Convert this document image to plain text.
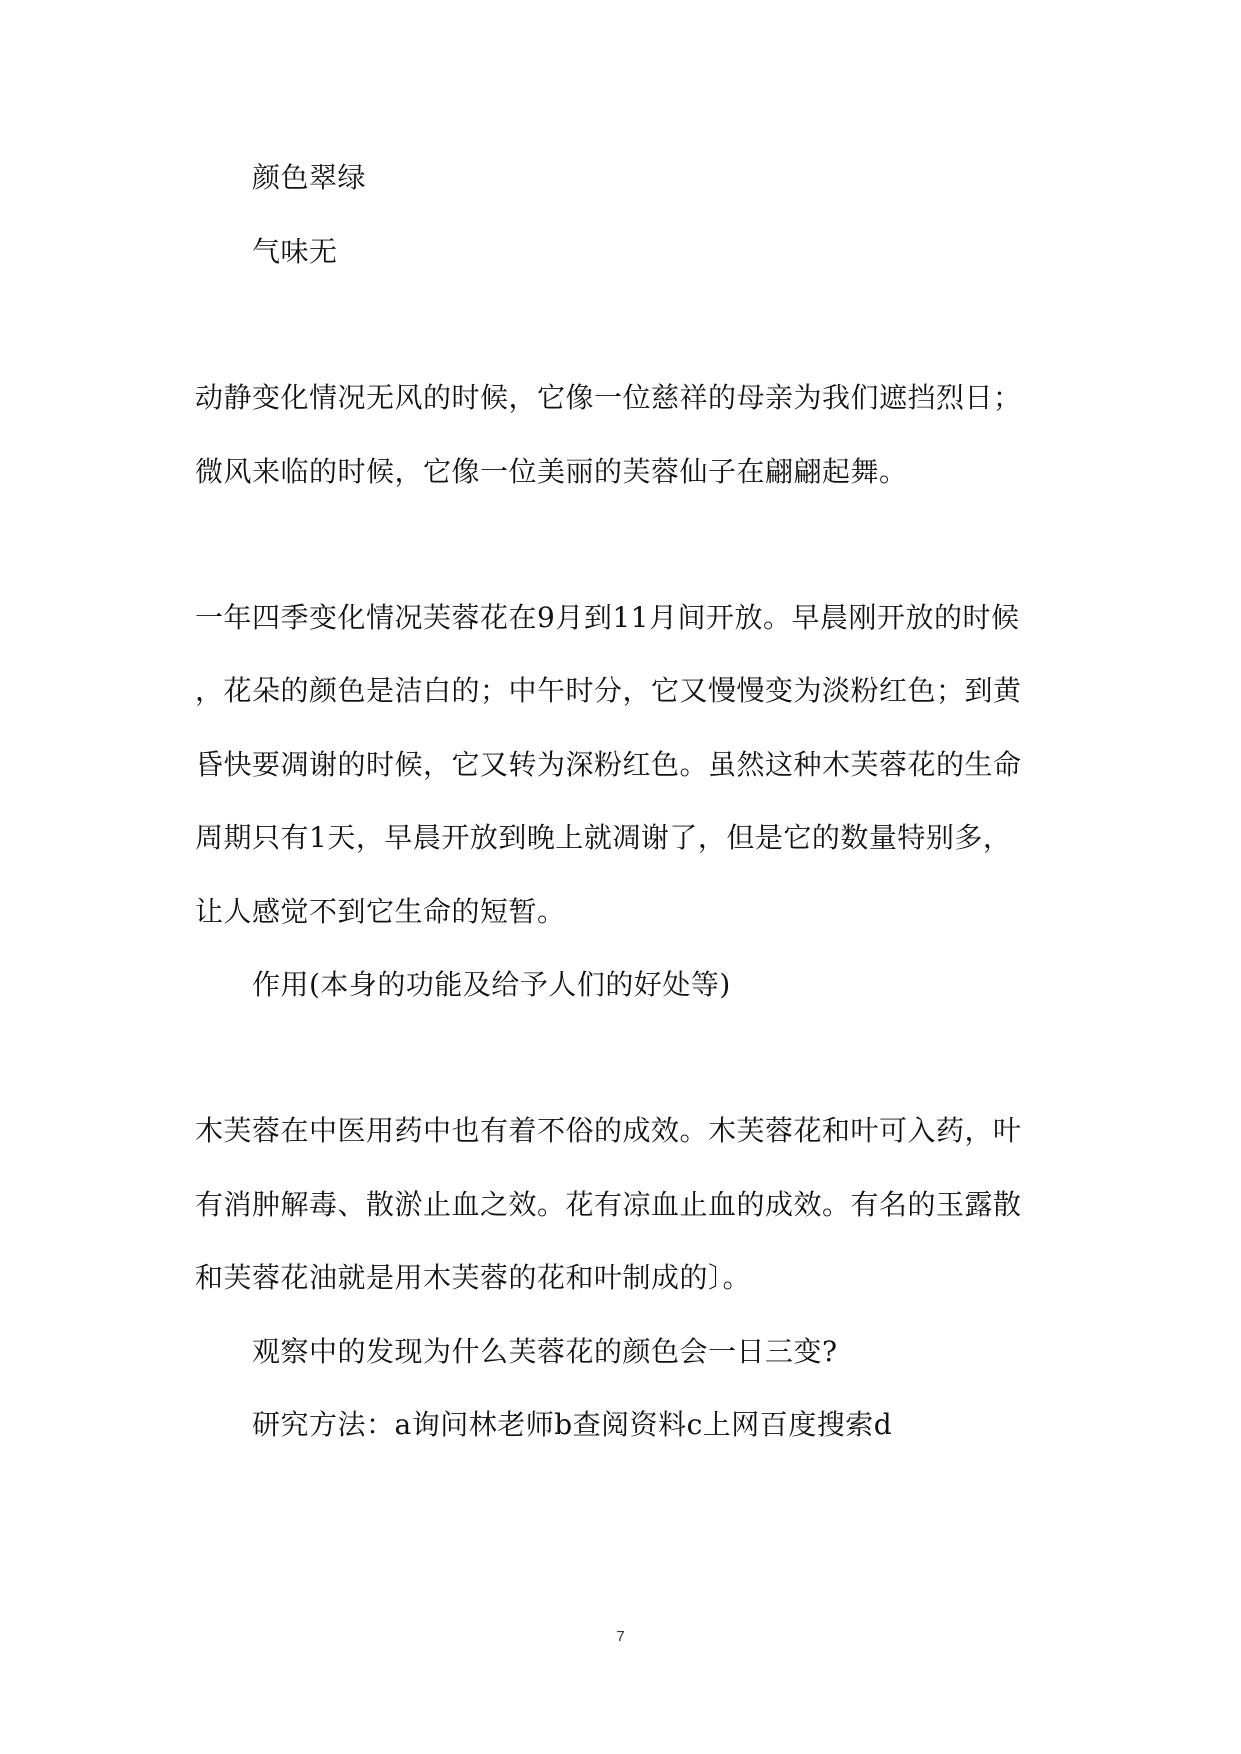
颜色翠绿
气味无
动静变化情况无风的时候，它像一位慈祥的母亲为我们遮挡烈日；
微风来临的时候，它像一位美丽的芙蓉仙子在翩翩起舞。
一年四季变化情况芙蓉花在9月到11月间开放。早晨刚开放的时候
，花朵的颜色是洁白的；中午时分，它又慢慢变为淡粉红色；到黄
昏快要凋谢的时候，它又转为深粉红色。虽然这种木芙蓉花的生命
周期只有1天，早晨开放到晚上就凋谢了，但是它的数量特别多，
让人感觉不到它生命的短暂。
作用(本身的功能及给予人们的好处等)
木芙蓉在中医用药中也有着不俗的成效。木芙蓉花和叶可入药，叶
有消肿解毒、散淤止血之效。花有凉血止血的成效。有名的玉露散
和芙蓉花油就是用木芙蓉的花和叶制成的〕。
观察中的发现为什么芙蓉花的颜色会一日三变?
研究方法：a询问林老师b查阅资料c上网百度搜索d
7
